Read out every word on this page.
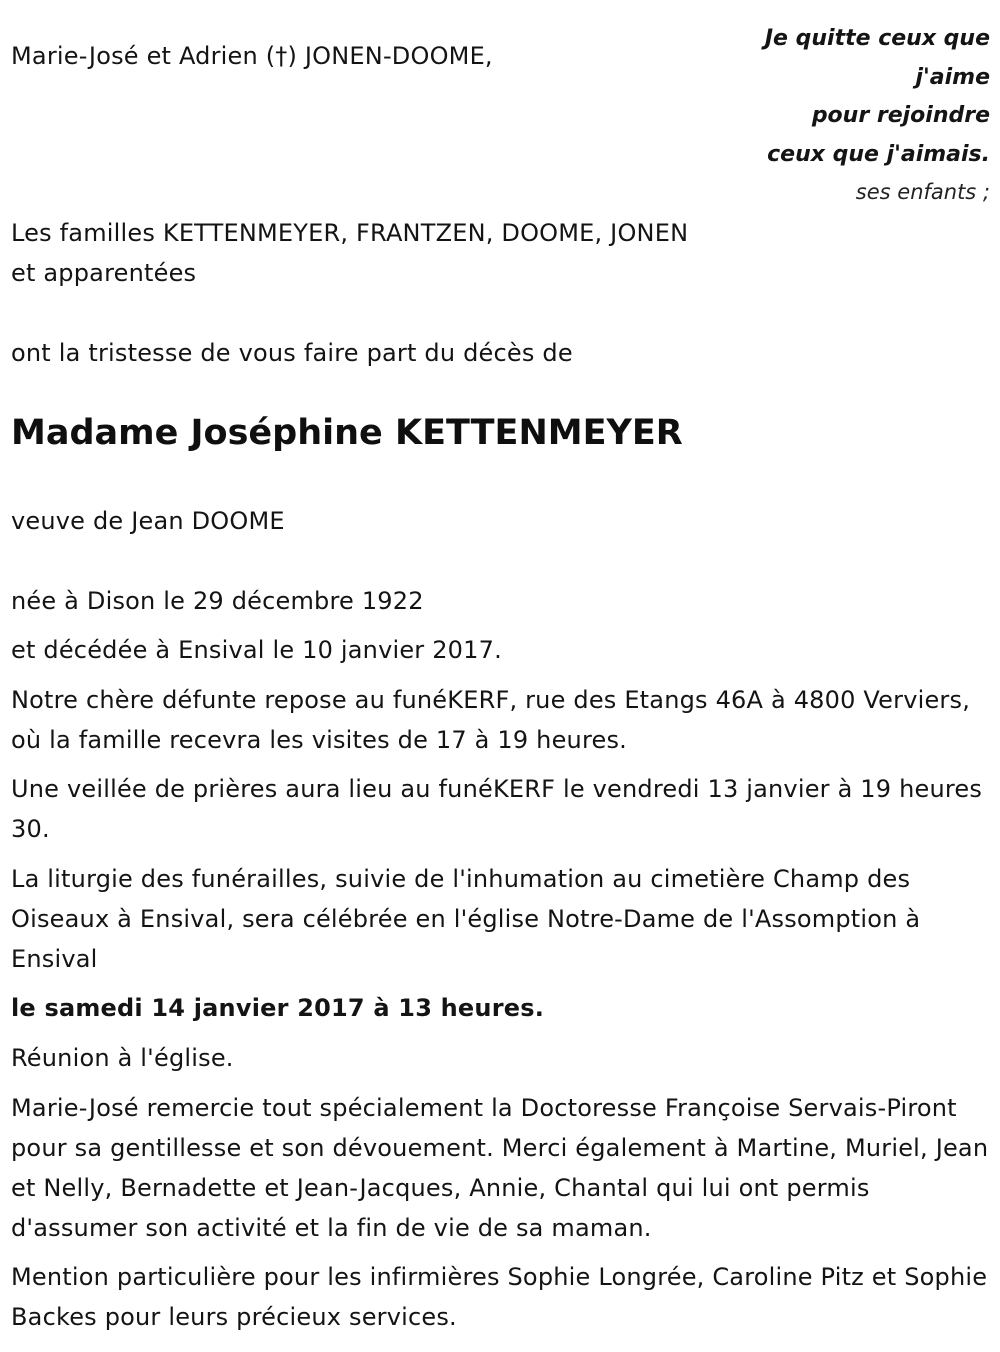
Marie-José et Adrien (†) JONEN-DOOME,

Je quitte ceux que
j'aime
pour rejoindre
ceux que j'aimais.
ses enfants ;

Les familles KETTENMEYER, FRANTZEN, DOOME, JONEN

et apparentées

ont la tristesse de vous faire part du décès de

Madame Joséphine KETTENMEYER

veuve de Jean DOOME

née à Dison le 29 décembre 1922

et décédée à Ensival le 10 janvier 2017.

Notre chère défunte repose au funéKERF, rue des Etangs 46A à 4800 Verviers, où la famille recevra les visites de 17 à 19 heures.

Une veillée de prières aura lieu au funéKERF le vendredi 13 janvier à 19 heures 30.

La liturgie des funérailles, suivie de l'inhumation au cimetière Champ des Oiseaux à Ensival, sera célébrée en l'église Notre-Dame de l'Assomption à Ensival

le samedi 14 janvier 2017 à 13 heures.

Réunion à l'église.

Marie-José remercie tout spécialement la Doctoresse Françoise Servais-Piront pour sa gentillesse et son dévouement. Merci également à Martine, Muriel, Jean et Nelly, Bernadette et Jean-Jacques, Annie, Chantal qui lui ont permis d'assumer son activité et la fin de vie de sa maman.

Mention particulière pour les infirmières Sophie Longrée, Caroline Pitz et Sophie Backes pour leurs précieux services.
